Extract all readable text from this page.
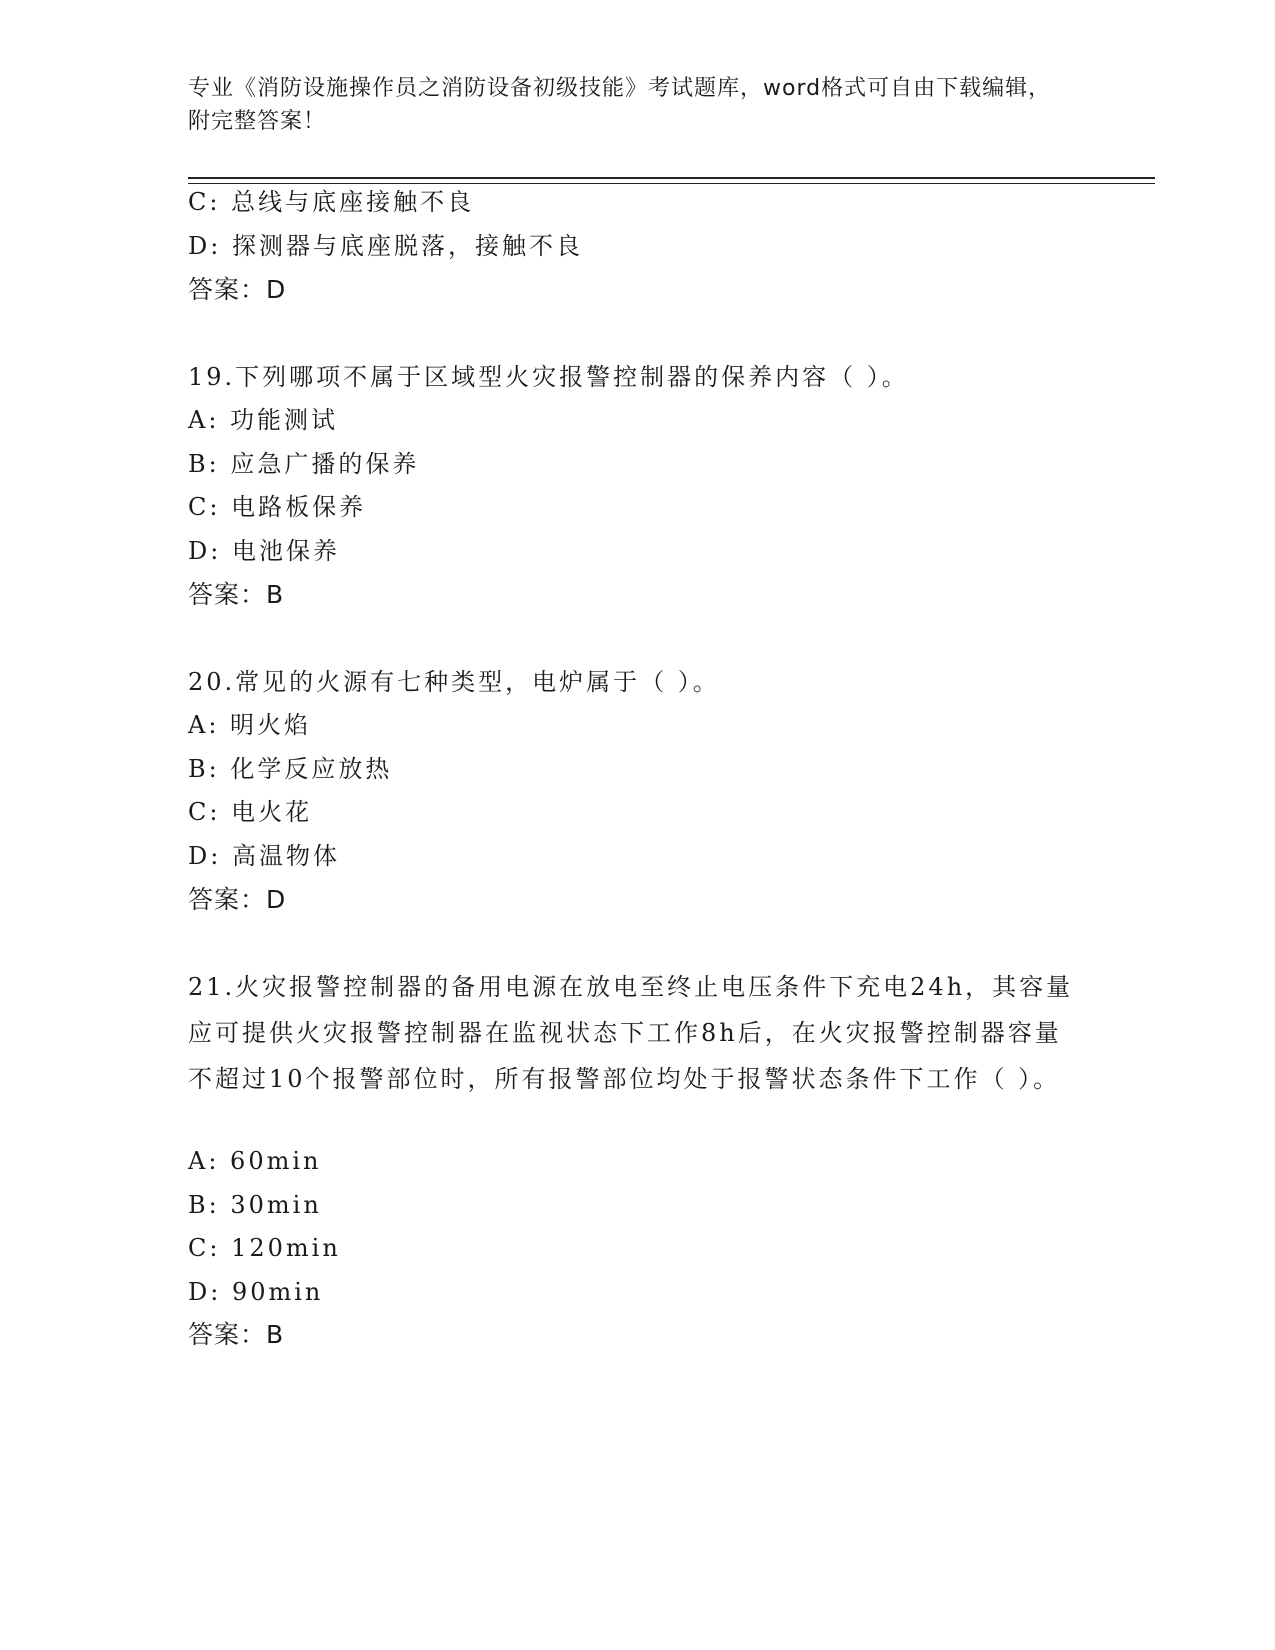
专业《消防设施操作员之消防设备初级技能》考试题库，word格式可自由下载编辑，附完整答案！
C: 总线与底座接触不良
D: 探测器与底座脱落，接触不良
答案：D
19.下列哪项不属于区域型火灾报警控制器的保养内容（ ）。
A: 功能测试
B: 应急广播的保养
C: 电路板保养
D: 电池保养
答案：B
20.常见的火源有七种类型，电炉属于（ ）。
A: 明火焰
B: 化学反应放热
C: 电火花
D: 高温物体
答案：D
21.火灾报警控制器的备用电源在放电至终止电压条件下充电24h，其容量应可提供火灾报警控制器在监视状态下工作8h后，在火灾报警控制器容量不超过10个报警部位时，所有报警部位均处于报警状态条件下工作（ ）。
A: 60min
B: 30min
C: 120min
D: 90min
答案：B
